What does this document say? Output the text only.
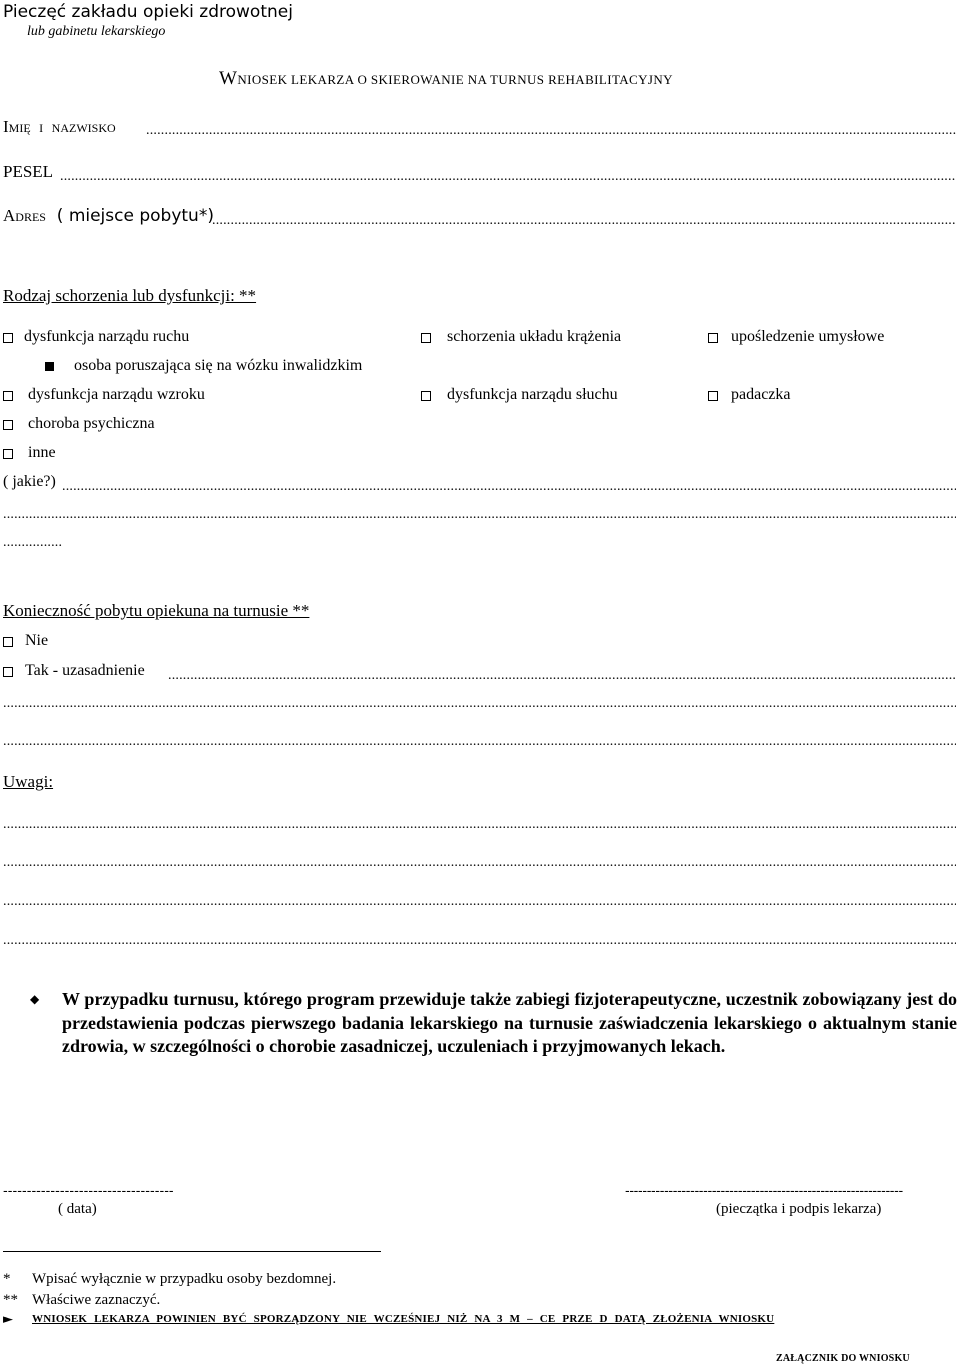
Pieczęć zakładu opieki zdrowotnej
lub gabinetu lekarskiego
WNIOSEK LEKARZA O SKIEROWANIE NA TURNUS REHABILITACYJNY
IMIĘ I NAZWISKO
.....
PESEL
.....
ADRES ( miejsce pobytu*)
.....
Rodzaj schorzenia lub dysfunkcji: **
dysfunkcja narządu ruchu	schorzenia układu krążenia	upośledzenie umysłowe
osoba poruszająca się na wózku inwalidzkim
dysfunkcja narządu wzroku	dysfunkcja narządu słuchu	padaczka
choroba psychiczna
inne
( jakie?)
.....
.....
.....
Konieczność pobytu opiekuna na turnusie **
Nie
Tak - uzasadnienie
.....
.....
.....
Uwagi:
.....
.....
.....
.....
◆ W przypadku turnusu, którego program przewiduje także zabiegi fizjoterapeutyczne, uczestnik zobowiązany jest do przedstawienia podczas pierwszego badania lekarskiego na turnusie zaświadczenia lekarskiego o aktualnym stanie zdrowia, w szczególności o chorobie zasadniczej, uczuleniach i przyjmowanych lekach.
------------------------------------
( data)
----------------------------------------------------------------
(pieczątka i podpis lekarza)
* Wpisać wyłącznie w przypadku osoby bezdomnej.
** Właściwe zaznaczyć.
► WNIOSEK LEKARZA POWINIEN BYĆ SPORZĄDZONY NIE WCZEŚNIEJ NIŻ NA 3 M – CE PRZE D DATĄ ZŁOŻENIA WNIOSKU
ZAŁĄCZNIK DO WNIOSKU
